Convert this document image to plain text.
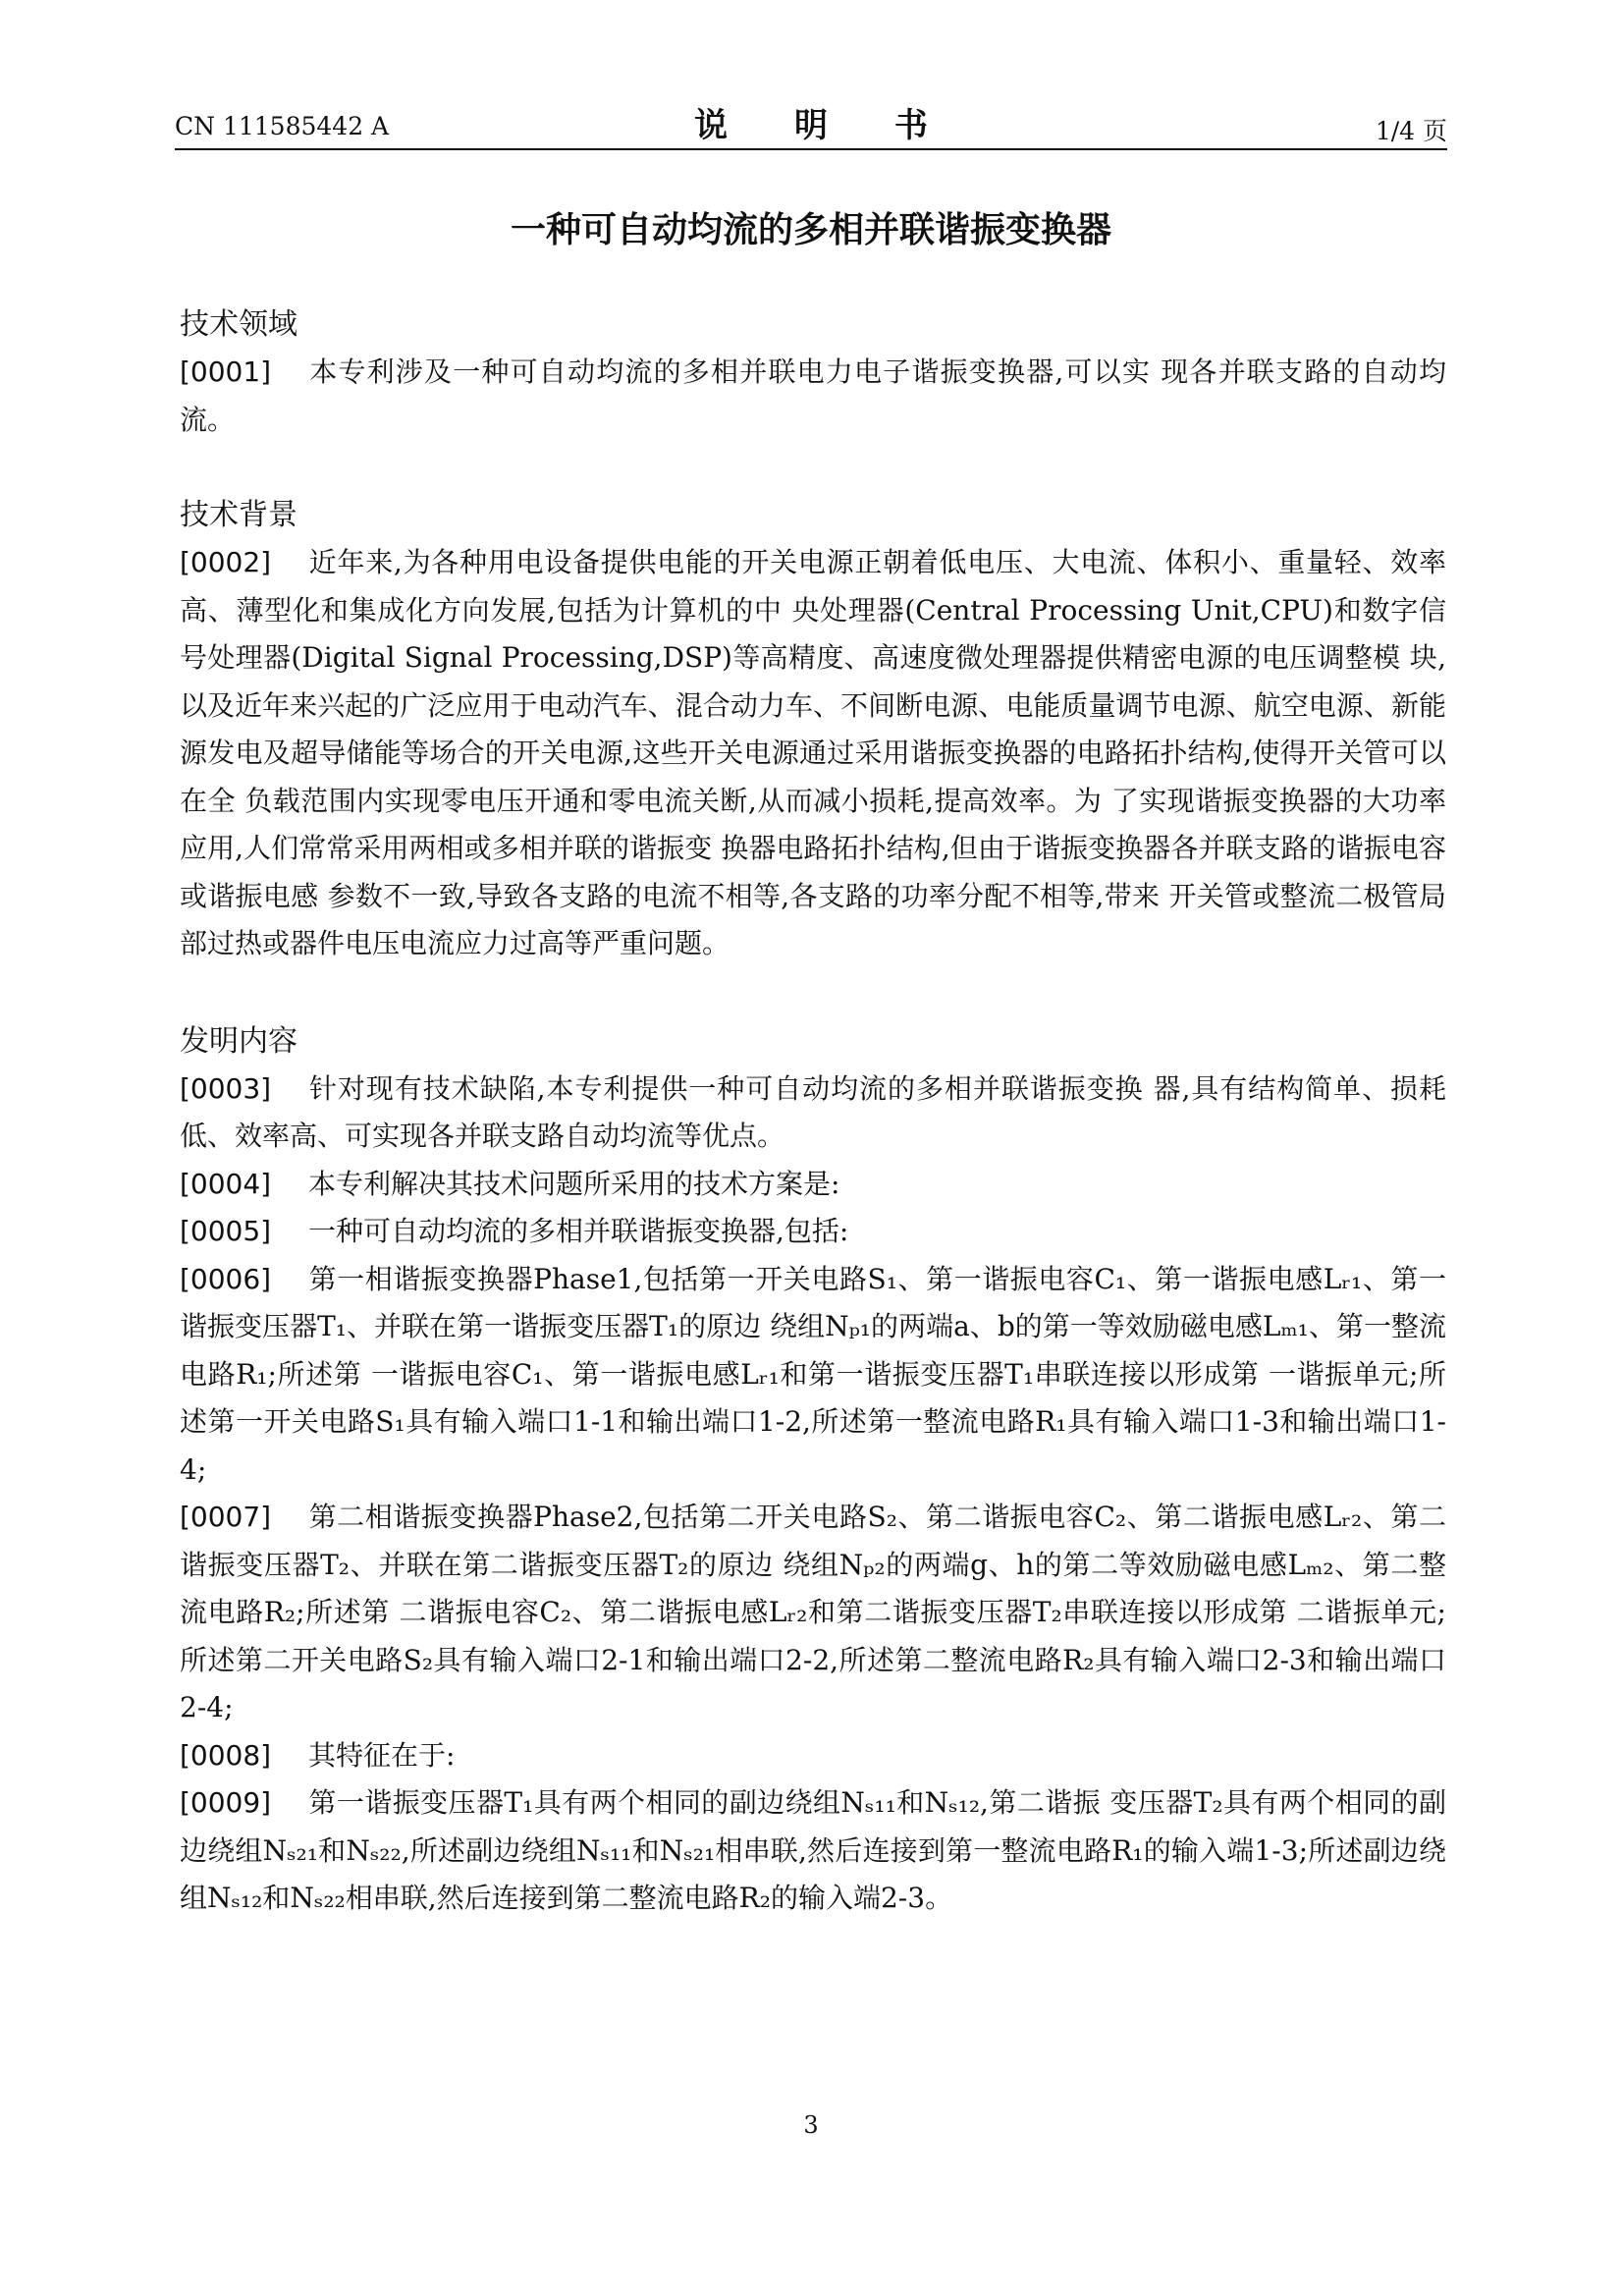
CN 111585442 A	说 明 书	1/4 页
一种可自动均流的多相并联谐振变换器
技术领域
[0001] 本专利涉及一种可自动均流的多相并联电力电子谐振变换器,可以实 现各并联支路的自动均流。
技术背景
[0002] 近年来,为各种用电设备提供电能的开关电源正朝着低电压、大电流、体积小、重量轻、效率高、薄型化和集成化方向发展,包括为计算机的中 央处理器(Central Processing Unit,CPU)和数字信号处理器(Digital Signal Processing,DSP)等高精度、高速度微处理器提供精密电源的电压调整模 块,以及近年来兴起的广泛应用于电动汽车、混合动力车、不间断电源、电能质量调节电源、航空电源、新能源发电及超导储能等场合的开关电源,这些开关电源通过采用谐振变换器的电路拓扑结构,使得开关管可以在全 负载范围内实现零电压开通和零电流关断,从而减小损耗,提高效率。为 了实现谐振变换器的大功率应用,人们常常采用两相或多相并联的谐振变 换器电路拓扑结构,但由于谐振变换器各并联支路的谐振电容或谐振电感 参数不一致,导致各支路的电流不相等,各支路的功率分配不相等,带来 开关管或整流二极管局部过热或器件电压电流应力过高等严重问题。
发明内容
[0003] 针对现有技术缺陷,本专利提供一种可自动均流的多相并联谐振变换 器,具有结构简单、损耗低、效率高、可实现各并联支路自动均流等优点。
[0004] 本专利解决其技术问题所采用的技术方案是:
[0005] 一种可自动均流的多相并联谐振变换器,包括:
[0006] 第一相谐振变换器Phase1,包括第一开关电路S₁、第一谐振电容C₁、第一谐振电感Lᵣ₁、第一谐振变压器T₁、并联在第一谐振变压器T₁的原边 绕组Nₚ₁的两端a、b的第一等效励磁电感Lₘ₁、第一整流电路R₁;所述第 一谐振电容C₁、第一谐振电感Lᵣ₁和第一谐振变压器T₁串联连接以形成第 一谐振单元;所述第一开关电路S₁具有输入端口1-1和输出端口1-2,所述第一整流电路R₁具有输入端口1-3和输出端口1-4;
[0007] 第二相谐振变换器Phase2,包括第二开关电路S₂、第二谐振电容C₂、第二谐振电感Lᵣ₂、第二谐振变压器T₂、并联在第二谐振变压器T₂的原边 绕组Nₚ₂的两端g、h的第二等效励磁电感Lₘ₂、第二整流电路R₂;所述第 二谐振电容C₂、第二谐振电感Lᵣ₂和第二谐振变压器T₂串联连接以形成第 二谐振单元;所述第二开关电路S₂具有输入端口2-1和输出端口2-2,所述第二整流电路R₂具有输入端口2-3和输出端口2-4;
[0008] 其特征在于:
[0009] 第一谐振变压器T₁具有两个相同的副边绕组Nₛ₁₁和Nₛ₁₂,第二谐振 变压器T₂具有两个相同的副边绕组Nₛ₂₁和Nₛ₂₂,所述副边绕组Nₛ₁₁和Nₛ₂₁相串联,然后连接到第一整流电路R₁的输入端1-3;所述副边绕组Nₛ₁₂和Nₛ₂₂相串联,然后连接到第二整流电路R₂的输入端2-3。
3
